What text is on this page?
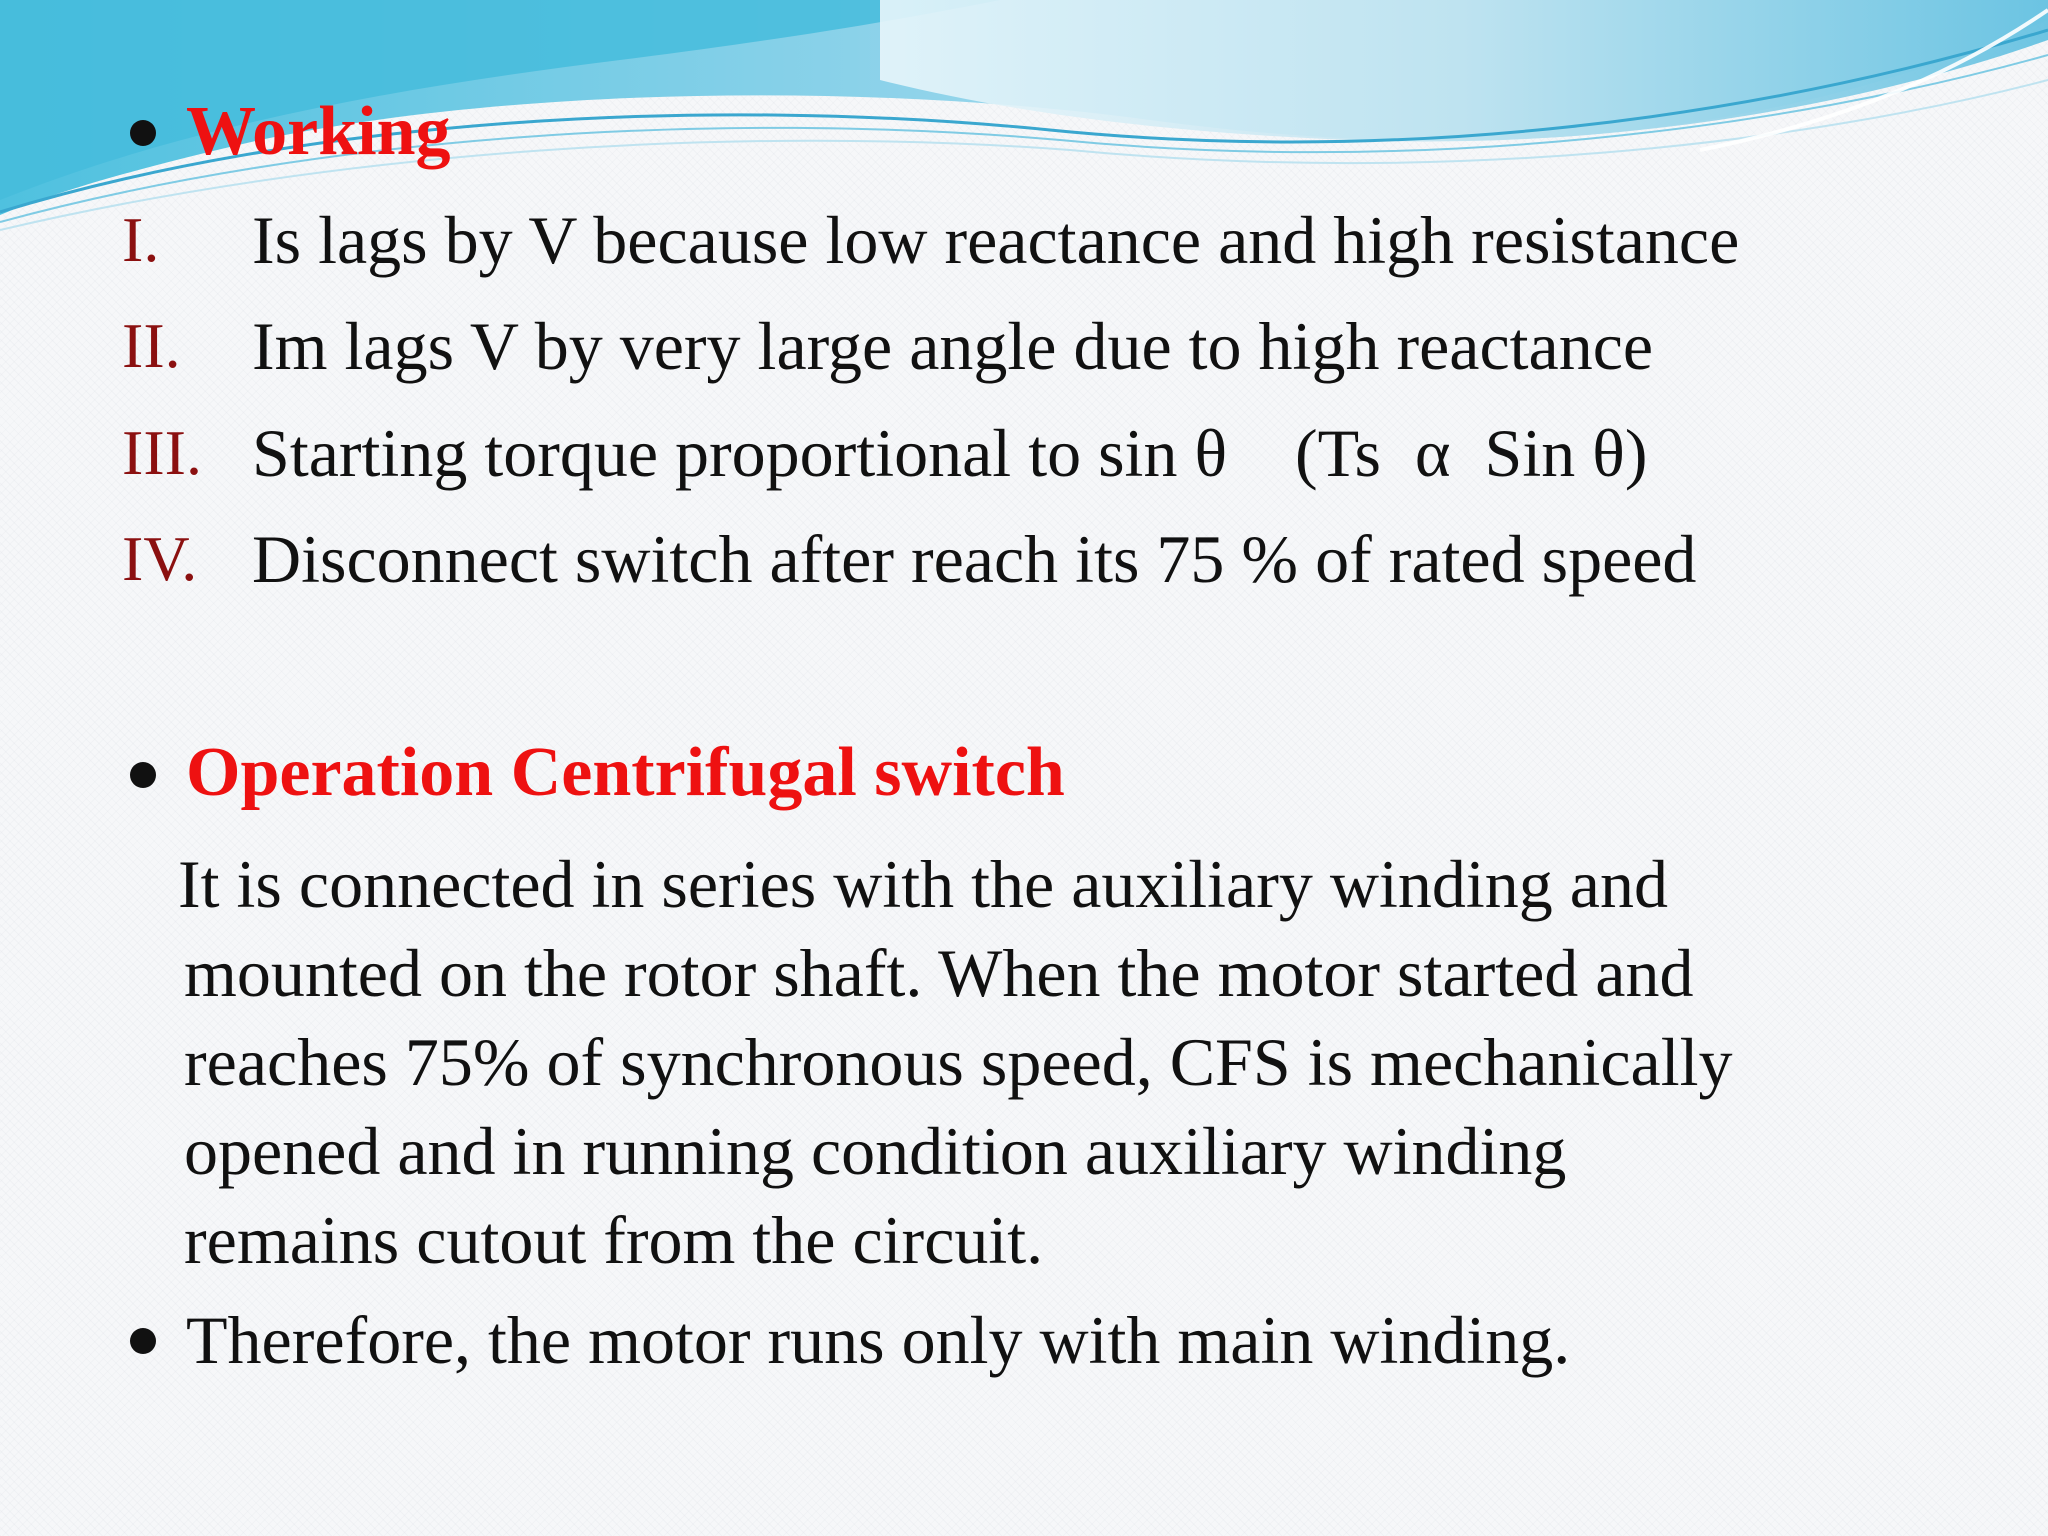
Working
I. Is lags by V because low reactance and high resistance
II. Im lags V by very large angle due to high reactance
III. Starting torque proportional to sin θ    (Ts  α  Sin θ)
IV. Disconnect switch after reach its 75 % of rated speed
Operation Centrifugal switch
It is connected in series with the auxiliary winding and
mounted on the rotor shaft. When the motor started and
reaches 75% of synchronous speed, CFS is mechanically
opened and in running condition auxiliary winding
remains cutout from the circuit.
Therefore, the motor runs only with main winding.
